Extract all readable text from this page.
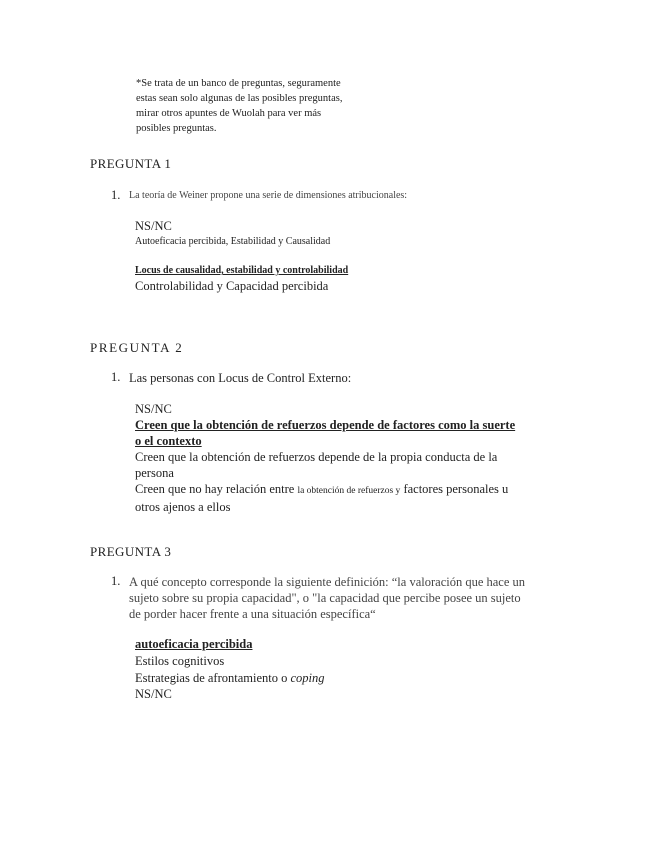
*Se trata de un banco de preguntas, seguramente
estas sean solo algunas de las posibles preguntas,
mirar otros apuntes de Wuolah para ver más
posibles preguntas.
PREGUNTA 1
1. La teoría de Weiner propone una serie de dimensiones atribucionales:
NS/NC
Autoeficacia percibida, Estabilidad y Causalidad
Locus de causalidad, estabilidad y controlabilidad
Controlabilidad y Capacidad percibida
PREGUNTA 2
1. Las personas con Locus de Control Externo:
NS/NC
Creen que la obtención de refuerzos depende de factores como la suerte
o el contexto
Creen que la obtención de refuerzos depende de la propia conducta de la
persona
Creen que no hay relación entre la obtención de refuerzos y factores personales u
otros ajenos a ellos
PREGUNTA 3
1. A qué concepto corresponde la siguiente definición: “la valoración que hace un
sujeto sobre su propia capacidad", o "la capacidad que percibe posee un sujeto
de porder hacer frente a una situación específica“
autoeficacia percibida
Estilos cognitivos
Estrategias de afrontamiento o coping
NS/NC
